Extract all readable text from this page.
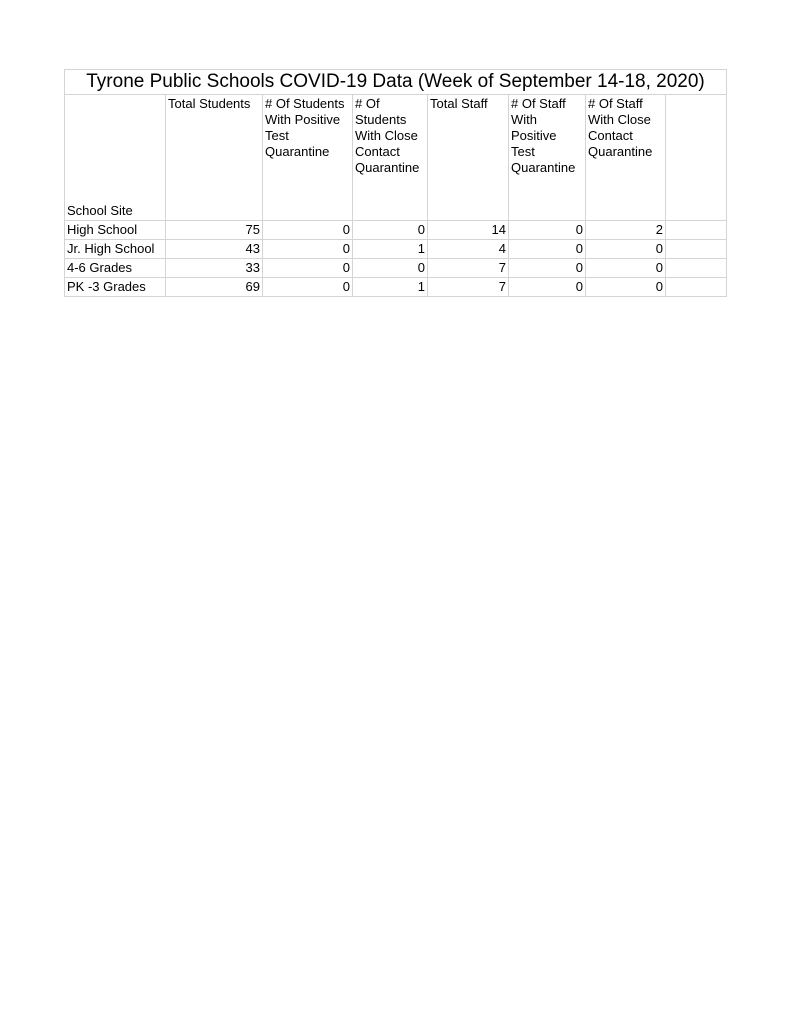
Tyrone Public Schools COVID-19 Data (Week of September 14-18, 2020)							
School Site	Total Students	# Of Students With Positive Test Quarantine	# Of Students With Close Contact Quarantine	Total Staff	# Of Staff With Positive Test Quarantine	# Of Staff With Close Contact Quarantine	
High School	75	0	0	14	0	2	
Jr. High School	43	0	1	4	0	0	
4-6 Grades	33	0	0	7	0	0	
PK -3 Grades	69	0	1	7	0	0	
